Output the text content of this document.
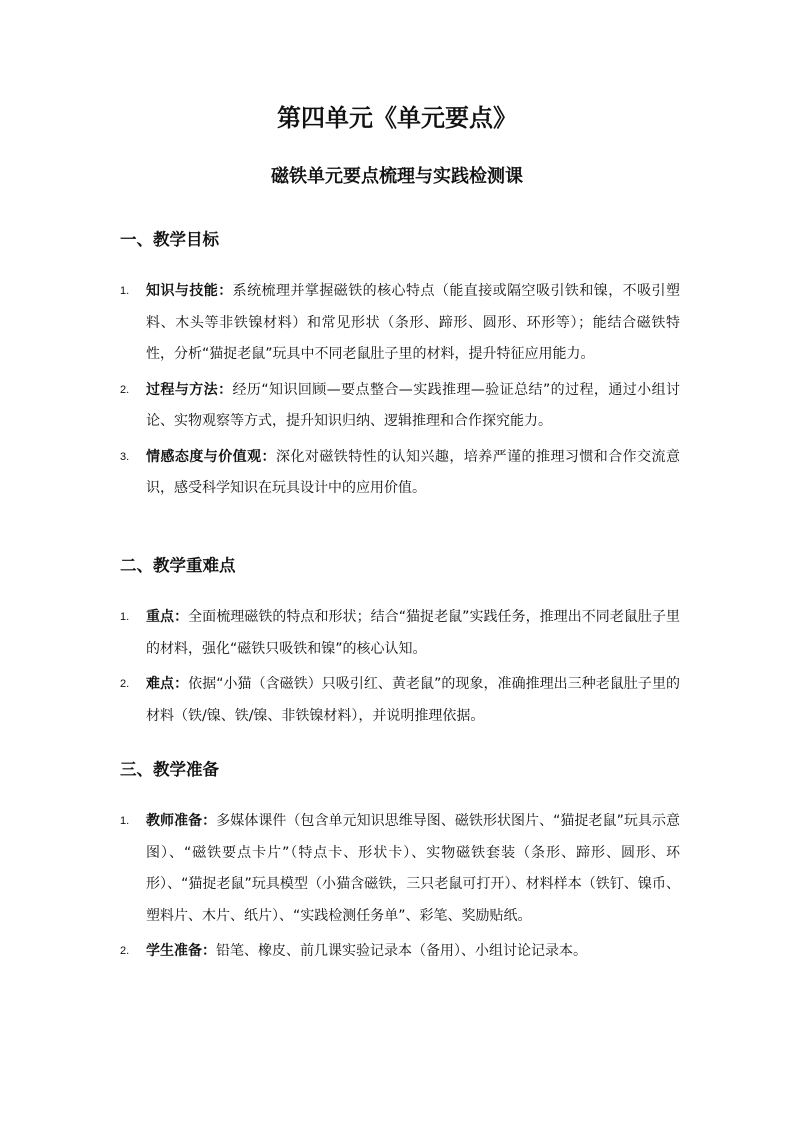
第四单元《单元要点》
磁铁单元要点梳理与实践检测课
一、教学目标
1. 知识与技能：系统梳理并掌握磁铁的核心特点（能直接或隔空吸引铁和镍，不吸引塑料、木头等非铁镍材料）和常见形状（条形、蹄形、圆形、环形等）；能结合磁铁特性，分析“猫捉老鼠”玩具中不同老鼠肚子里的材料，提升特征应用能力。
2. 过程与方法：经历“知识回顾—要点整合—实践推理—验证总结”的过程，通过小组讨论、实物观察等方式，提升知识归纳、逻辑推理和合作探究能力。
3. 情感态度与价值观：深化对磁铁特性的认知兴趣，培养严谨的推理习惯和合作交流意识，感受科学知识在玩具设计中的应用价值。
二、教学重难点
1. 重点：全面梳理磁铁的特点和形状；结合“猫捉老鼠”实践任务，推理出不同老鼠肚子里的材料，强化“磁铁只吸铁和镍”的核心认知。
2. 难点：依据“小猫（含磁铁）只吸引红、黄老鼠”的现象，准确推理出三种老鼠肚子里的材料（铁/镍、铁/镍、非铁镍材料），并说明推理依据。
三、教学准备
1. 教师准备：多媒体课件（包含单元知识思维导图、磁铁形状图片、“猫捉老鼠”玩具示意图）、“磁铁要点卡片”（特点卡、形状卡）、实物磁铁套装（条形、蹄形、圆形、环形）、“猫捉老鼠”玩具模型（小猫含磁铁，三只老鼠可打开）、材料样本（铁钉、镍币、塑料片、木片、纸片）、“实践检测任务单”、彩笔、奖励贴纸。
2. 学生准备：铅笔、橡皮、前几课实验记录本（备用）、小组讨论记录本。
